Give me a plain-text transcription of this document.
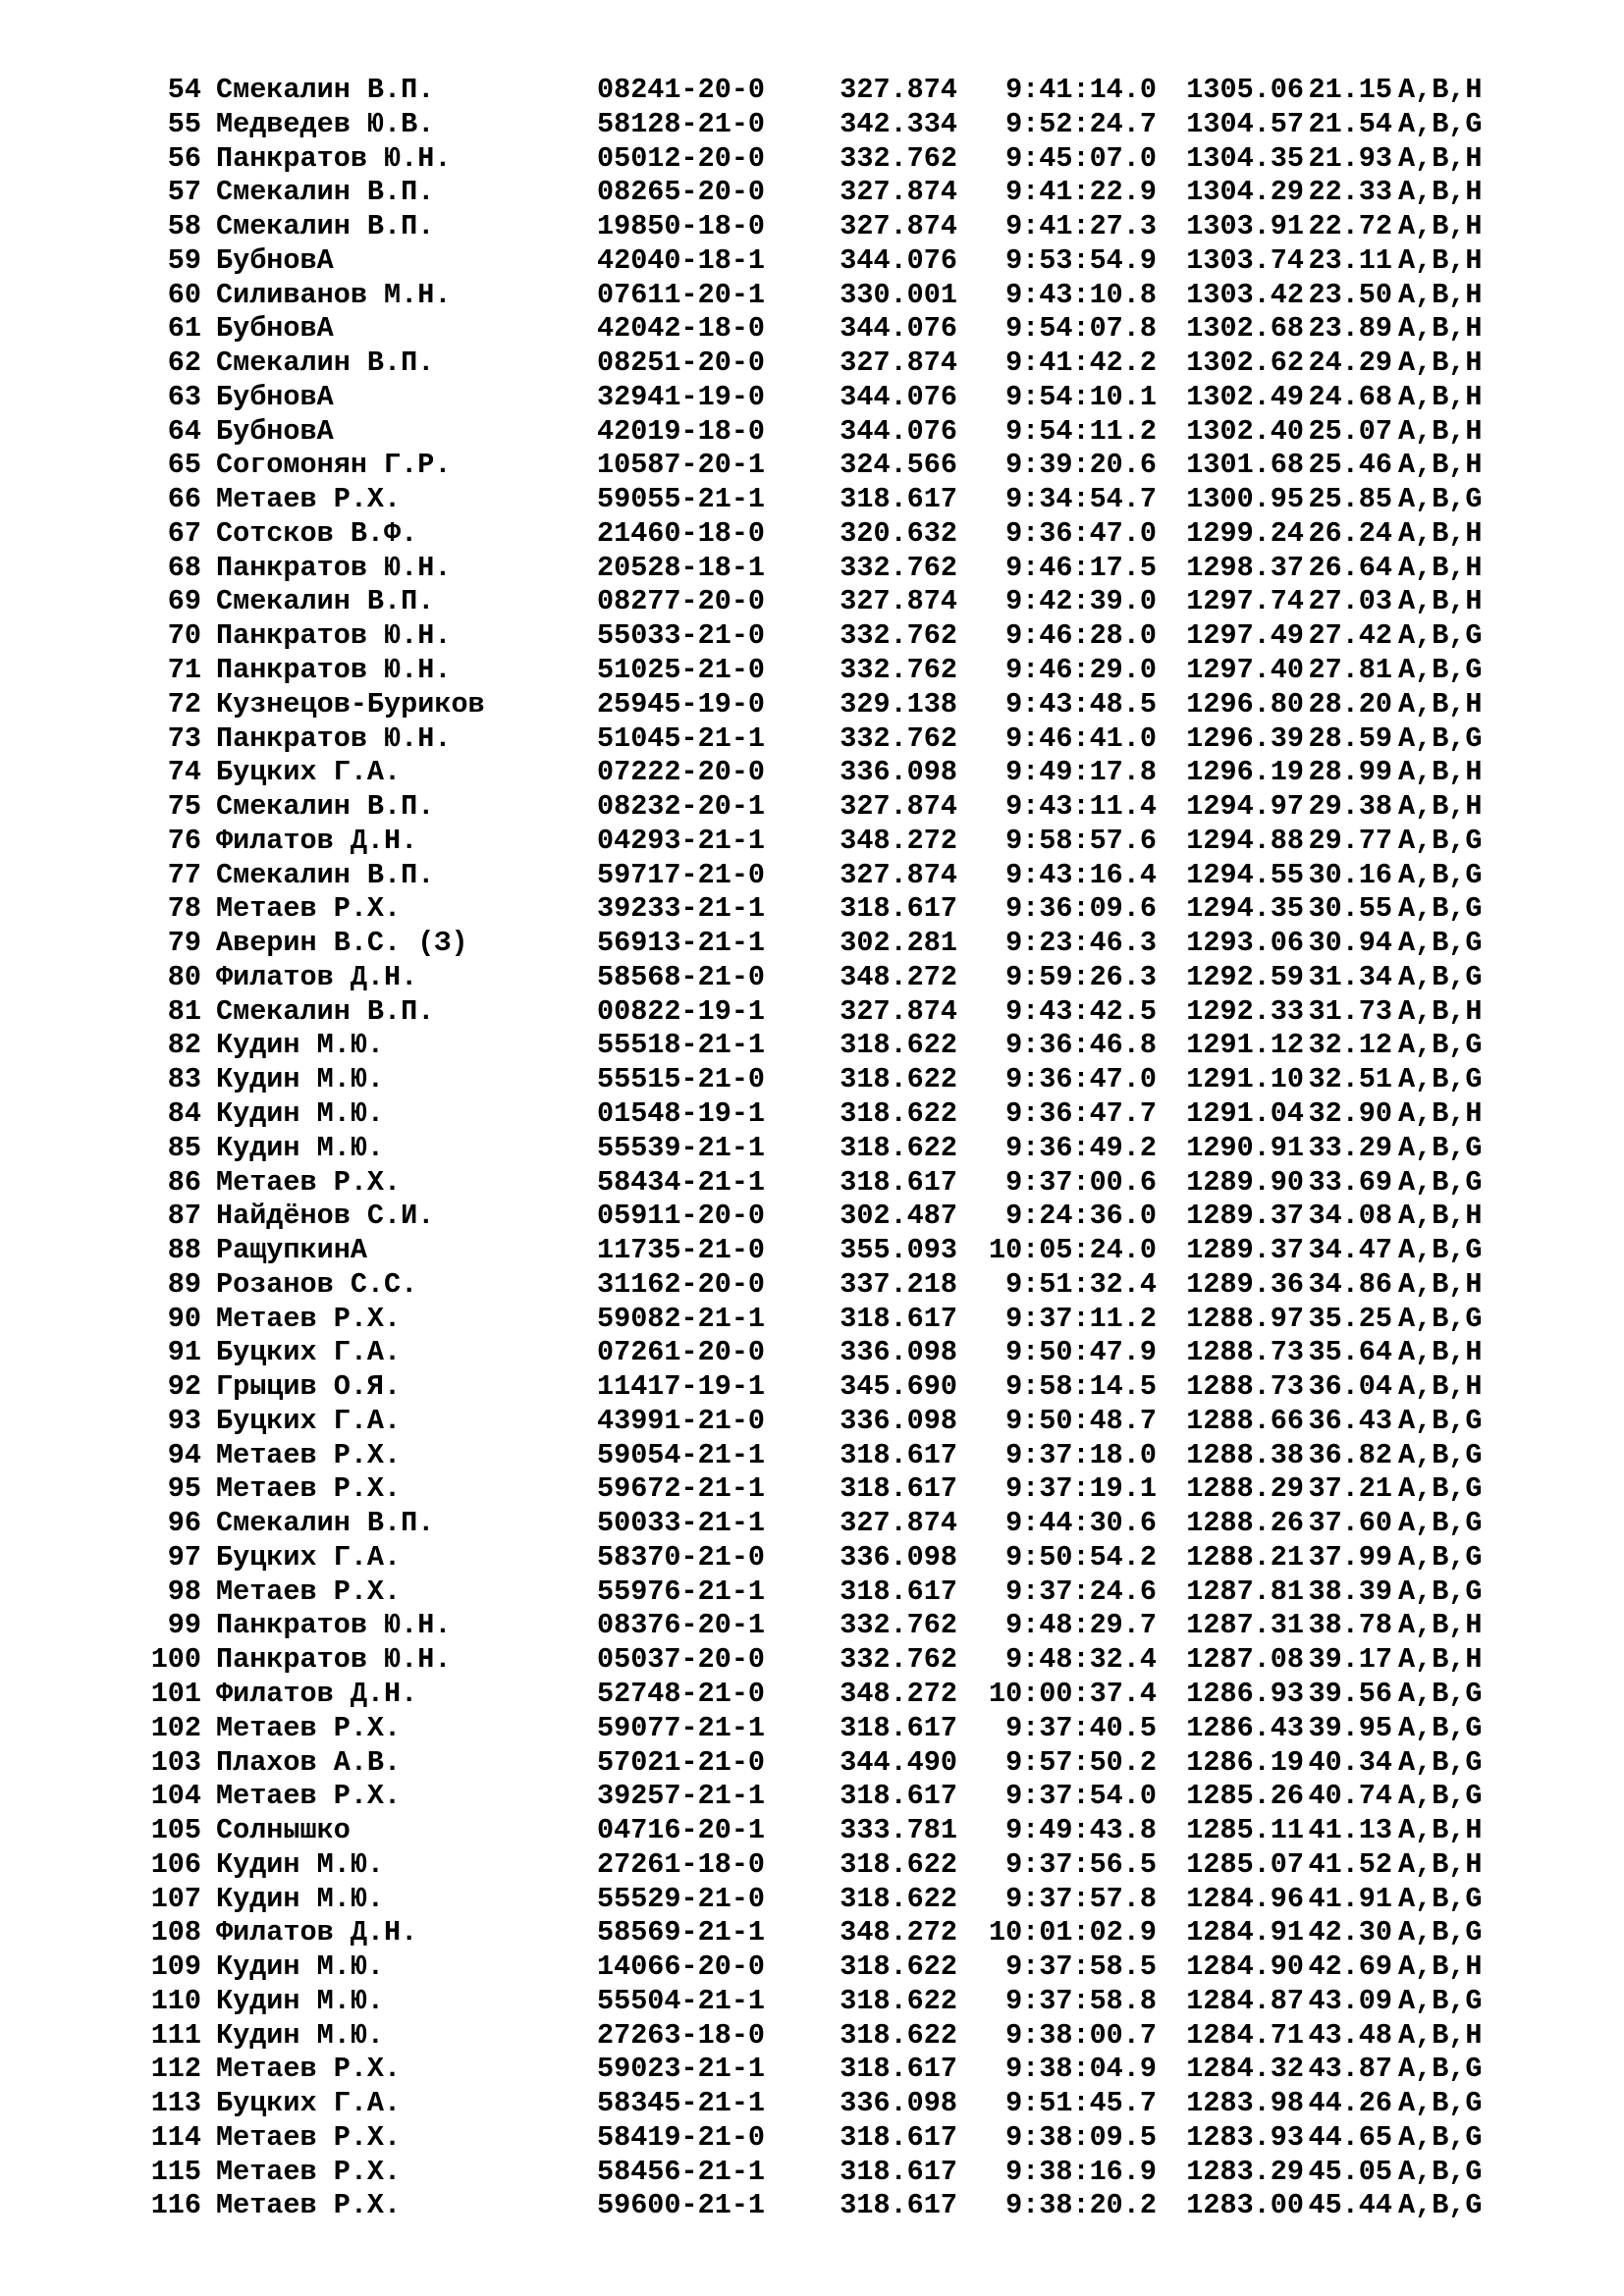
54 Смекалин В.П.	08241-20-0	327.874 9:41:14.0 1305.06 21.15 A,B,H
55 Медведев Ю.В.	58128-21-0	342.334 9:52:24.7 1304.57 21.54 A,B,G
56 Панкратов Ю.Н.	05012-20-0	332.762 9:45:07.0 1304.35 21.93 A,B,H
57 Смекалин В.П.	08265-20-0	327.874 9:41:22.9 1304.29 22.33 A,B,H
58 Смекалин В.П.	19850-18-0	327.874 9:41:27.3 1303.91 22.72 A,B,H
59 БубновА	42040-18-1	344.076 9:53:54.9 1303.74 23.11 A,B,H
60 Силиванов М.Н.	07611-20-1	330.001 9:43:10.8 1303.42 23.50 A,B,H
61 БубновА	42042-18-0	344.076 9:54:07.8 1302.68 23.89 A,B,H
62 Смекалин В.П.	08251-20-0	327.874 9:41:42.2 1302.62 24.29 A,B,H
63 БубновА	32941-19-0	344.076 9:54:10.1 1302.49 24.68 A,B,H
64 БубновА	42019-18-0	344.076 9:54:11.2 1302.40 25.07 A,B,H
65 Согомонян Г.Р.	10587-20-1	324.566 9:39:20.6 1301.68 25.46 A,B,H
66 Метаев Р.Х.	59055-21-1	318.617 9:34:54.7 1300.95 25.85 A,B,G
67 Сотсков В.Ф.	21460-18-0	320.632 9:36:47.0 1299.24 26.24 A,B,H
68 Панкратов Ю.Н.	20528-18-1	332.762 9:46:17.5 1298.37 26.64 A,B,H
69 Смекалин В.П.	08277-20-0	327.874 9:42:39.0 1297.74 27.03 A,B,H
70 Панкратов Ю.Н.	55033-21-0	332.762 9:46:28.0 1297.49 27.42 A,B,G
71 Панкратов Ю.Н.	51025-21-0	332.762 9:46:29.0 1297.40 27.81 A,B,G
72 Кузнецов-Буриков	25945-19-0	329.138 9:43:48.5 1296.80 28.20 A,B,H
73 Панкратов Ю.Н.	51045-21-1	332.762 9:46:41.0 1296.39 28.59 A,B,G
74 Буцких Г.А.	07222-20-0	336.098 9:49:17.8 1296.19 28.99 A,B,H
75 Смекалин В.П.	08232-20-1	327.874 9:43:11.4 1294.97 29.38 A,B,H
76 Филатов Д.Н.	04293-21-1	348.272 9:58:57.6 1294.88 29.77 A,B,G
77 Смекалин В.П.	59717-21-0	327.874 9:43:16.4 1294.55 30.16 A,B,G
78 Метаев Р.Х.	39233-21-1	318.617 9:36:09.6 1294.35 30.55 A,B,G
79 Аверин В.С. (З)	56913-21-1	302.281 9:23:46.3 1293.06 30.94 A,B,G
80 Филатов Д.Н.	58568-21-0	348.272 9:59:26.3 1292.59 31.34 A,B,G
81 Смекалин В.П.	00822-19-1	327.874 9:43:42.5 1292.33 31.73 A,B,H
82 Кудин М.Ю.	55518-21-1	318.622 9:36:46.8 1291.12 32.12 A,B,G
83 Кудин М.Ю.	55515-21-0	318.622 9:36:47.0 1291.10 32.51 A,B,G
84 Кудин М.Ю.	01548-19-1	318.622 9:36:47.7 1291.04 32.90 A,B,H
85 Кудин М.Ю.	55539-21-1	318.622 9:36:49.2 1290.91 33.29 A,B,G
86 Метаев Р.Х.	58434-21-1	318.617 9:37:00.6 1289.90 33.69 A,B,G
87 Найдёнов С.И.	05911-20-0	302.487 9:24:36.0 1289.37 34.08 A,B,H
88 РащупкинА	11735-21-0	355.093 10:05:24.0 1289.37 34.47 A,B,G
89 Розанов С.С.	31162-20-0	337.218 9:51:32.4 1289.36 34.86 A,B,H
90 Метаев Р.Х.	59082-21-1	318.617 9:37:11.2 1288.97 35.25 A,B,G
91 Буцких Г.А.	07261-20-0	336.098 9:50:47.9 1288.73 35.64 A,B,H
92 Грыцив О.Я.	11417-19-1	345.690 9:58:14.5 1288.73 36.04 A,B,H
93 Буцких Г.А.	43991-21-0	336.098 9:50:48.7 1288.66 36.43 A,B,G
94 Метаев Р.Х.	59054-21-1	318.617 9:37:18.0 1288.38 36.82 A,B,G
95 Метаев Р.Х.	59672-21-1	318.617 9:37:19.1 1288.29 37.21 A,B,G
96 Смекалин В.П.	50033-21-1	327.874 9:44:30.6 1288.26 37.60 A,B,G
97 Буцких Г.А.	58370-21-0	336.098 9:50:54.2 1288.21 37.99 A,B,G
98 Метаев Р.Х.	55976-21-1	318.617 9:37:24.6 1287.81 38.39 A,B,G
99 Панкратов Ю.Н.	08376-20-1	332.762 9:48:29.7 1287.31 38.78 A,B,H
100 Панкратов Ю.Н.	05037-20-0	332.762 9:48:32.4 1287.08 39.17 A,B,H
101 Филатов Д.Н.	52748-21-0	348.272 10:00:37.4 1286.93 39.56 A,B,G
102 Метаев Р.Х.	59077-21-1	318.617 9:37:40.5 1286.43 39.95 A,B,G
103 Плахов А.В.	57021-21-0	344.490 9:57:50.2 1286.19 40.34 A,B,G
104 Метаев Р.Х.	39257-21-1	318.617 9:37:54.0 1285.26 40.74 A,B,G
105 Солнышко	04716-20-1	333.781 9:49:43.8 1285.11 41.13 A,B,H
106 Кудин М.Ю.	27261-18-0	318.622 9:37:56.5 1285.07 41.52 A,B,H
107 Кудин М.Ю.	55529-21-0	318.622 9:37:57.8 1284.96 41.91 A,B,G
108 Филатов Д.Н.	58569-21-1	348.272 10:01:02.9 1284.91 42.30 A,B,G
109 Кудин М.Ю.	14066-20-0	318.622 9:37:58.5 1284.90 42.69 A,B,H
110 Кудин М.Ю.	55504-21-1	318.622 9:37:58.8 1284.87 43.09 A,B,G
111 Кудин М.Ю.	27263-18-0	318.622 9:38:00.7 1284.71 43.48 A,B,H
112 Метаев Р.Х.	59023-21-1	318.617 9:38:04.9 1284.32 43.87 A,B,G
113 Буцких Г.А.	58345-21-1	336.098 9:51:45.7 1283.98 44.26 A,B,G
114 Метаев Р.Х.	58419-21-0	318.617 9:38:09.5 1283.93 44.65 A,B,G
115 Метаев Р.Х.	58456-21-1	318.617 9:38:16.9 1283.29 45.05 A,B,G
116 Метаев Р.Х.	59600-21-1	318.617 9:38:20.2 1283.00 45.44 A,B,G
